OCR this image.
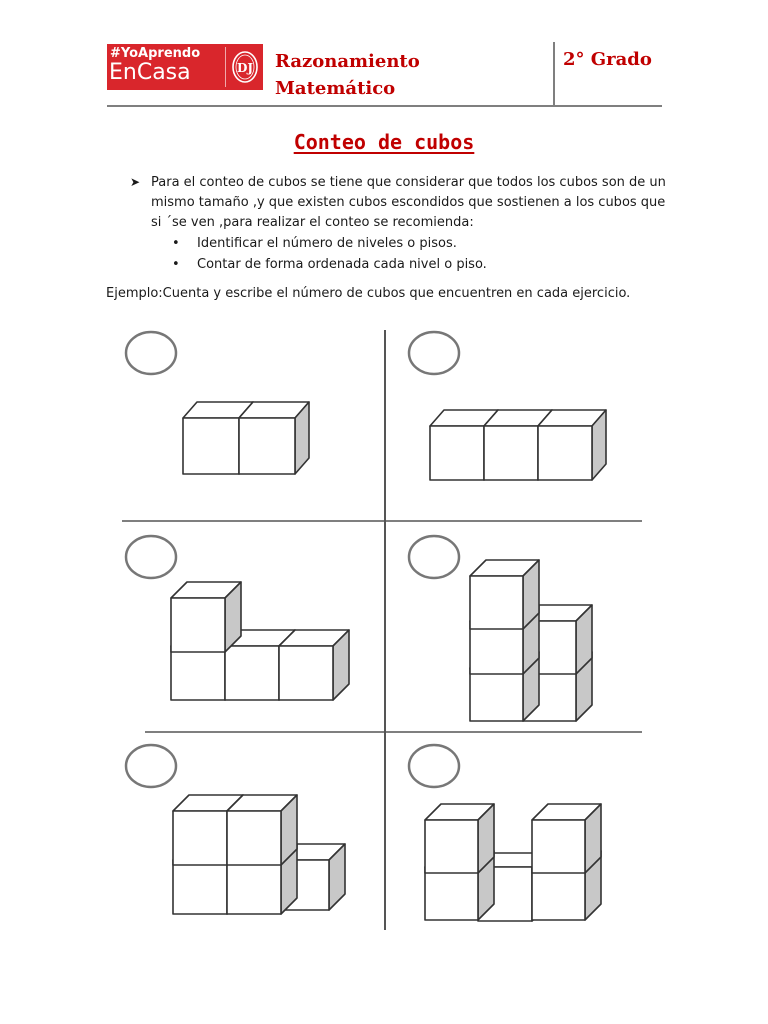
#YoAprendo
EnCasa	DJ Razonamiento
Matemático
2° Grado
Conteo de cubos
➤ Para el conteo de cubos se tiene que considerar que todos los cubos son de un mismo tamaño ,y que existen cubos escondidos que sostienen a los cubos que si ´se ven ,para realizar el conteo se recomienda:
• Identificar el número de niveles o pisos.
• Contar de forma ordenada cada nivel o piso.
Ejemplo:Cuenta y escribe el número de cubos que encuentren en cada ejercicio.
